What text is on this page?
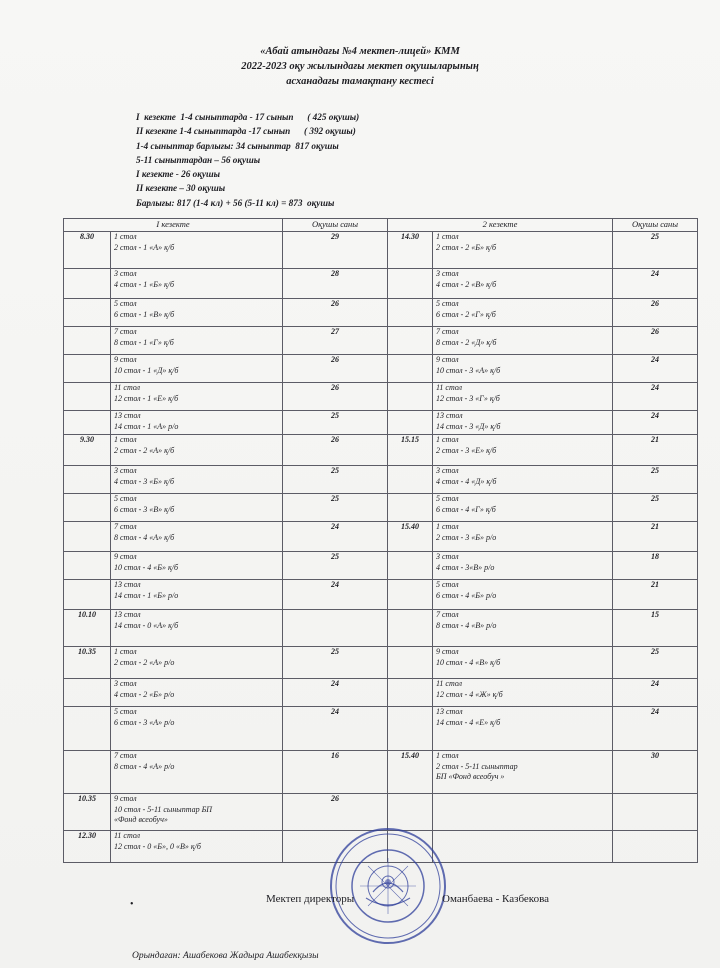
«Абай атындағы №4 мектеп-лицей» КММ
2022-2023 оқу жылындағы мектеп оқушыларының
асханадағы тамақтану кестесі
І  кезекте  1-4 сыныптарда - 17 сынып      ( 425 оқушы)
ІІ кезекте 1-4 сыныптарда -17 сынып      ( 392 оқушы)
1-4 сыныптар барлығы: 34 сыныптар  817 оқушы
5-11 сыныптардан – 56 оқушы
І кезекте - 26 оқушы
ІІ кезекте – 30 оқушы
Барлығы: 817 (1-4 кл) + 56 (5-11 кл) = 873  оқушы
І кезекте		Оқушы саны	2 кезекте		Оқушы саны
8.30	1 стол
2 стол - 1 «А» қ/б	29	14.30	1 стол
2 стол - 2 «Б» қ/б	25

	3 стол
4 стол - 1 «Б» қ/б	28		3 стол
4 стол - 2 «В» қ/б	24

	5 стол
6 стол - 1 «В» қ/б	26		5 стол
6 стол - 2 «Г» қ/б	26

	7 стол
8 стол - 1 «Г» қ/б	27		7 стол
8 стол - 2 «Д» қ/б	26

	9 стол
10 стол - 1 «Д» қ/б	26		9 стол
10 стол - 3 «А» қ/б	24

	11 стол
12 стол - 1 «Е» қ/б	26		11 стол
12 стол - 3 «Г» қ/б	24

	13 стол
14 стол - 1 «А» р/о	25		13 стол
14 стол - 3 «Д» қ/б	24

9.30	1 стол
2 стол - 2 «А» қ/б	26	15.15	1 стол
2 стол - 3 «Е» қ/б	21

	3 стол
4 стол - 3 «Б» қ/б	25		3 стол
4 стол - 4 «Д» қ/б	25

	5 стол
6 стол - 3 «В» қ/б	25		5 стол
6 стол - 4 «Г» қ/б	25

	7 стол
8 стол - 4 «А» қ/б	24	15.40	1 стол
2 стол - 3 «Б» р/о	21

	9 стол
10 стол - 4 «Б» қ/б	25		3 стол
4 стол - 3«В» р/о	18

	13 стол
14 стол - 1 «Б» р/о	24		5 стол
6 стол - 4 «Б» р/о	21

10.10	13 стол
14 стол - 0 «А» қ/б			7 стол
8 стол - 4 «В» р/о	15

10.35	1 стол
2 стол - 2 «А» р/о	25		9 стол
10 стол - 4 «В» қ/б	25

	3 стол
4 стол - 2 «Б» р/о	24		11 стол
12 стол - 4 «Ж» қ/б	24

	5 стол
6 стол - 3 «А» р/о	24		13 стол
14 стол - 4 «Е» қ/б	24

	7 стол
8 стол - 4 «А» р/о	16	15.40	1 стол
2 стол - 5-11 сыныптар
БП «Фонд всеобуч »	30

10.35	9 стол
10 стол - 5-11 сыныптар БП
«Фонд всеобуч»	26			

12.30	11 стол
12 стол - 0 «Б», 0 «В» қ/б				

•	Мектеп директоры	Оманбаева - Казбекова
Орындаған: Ашабекова Жадыра Ашабекқызы
